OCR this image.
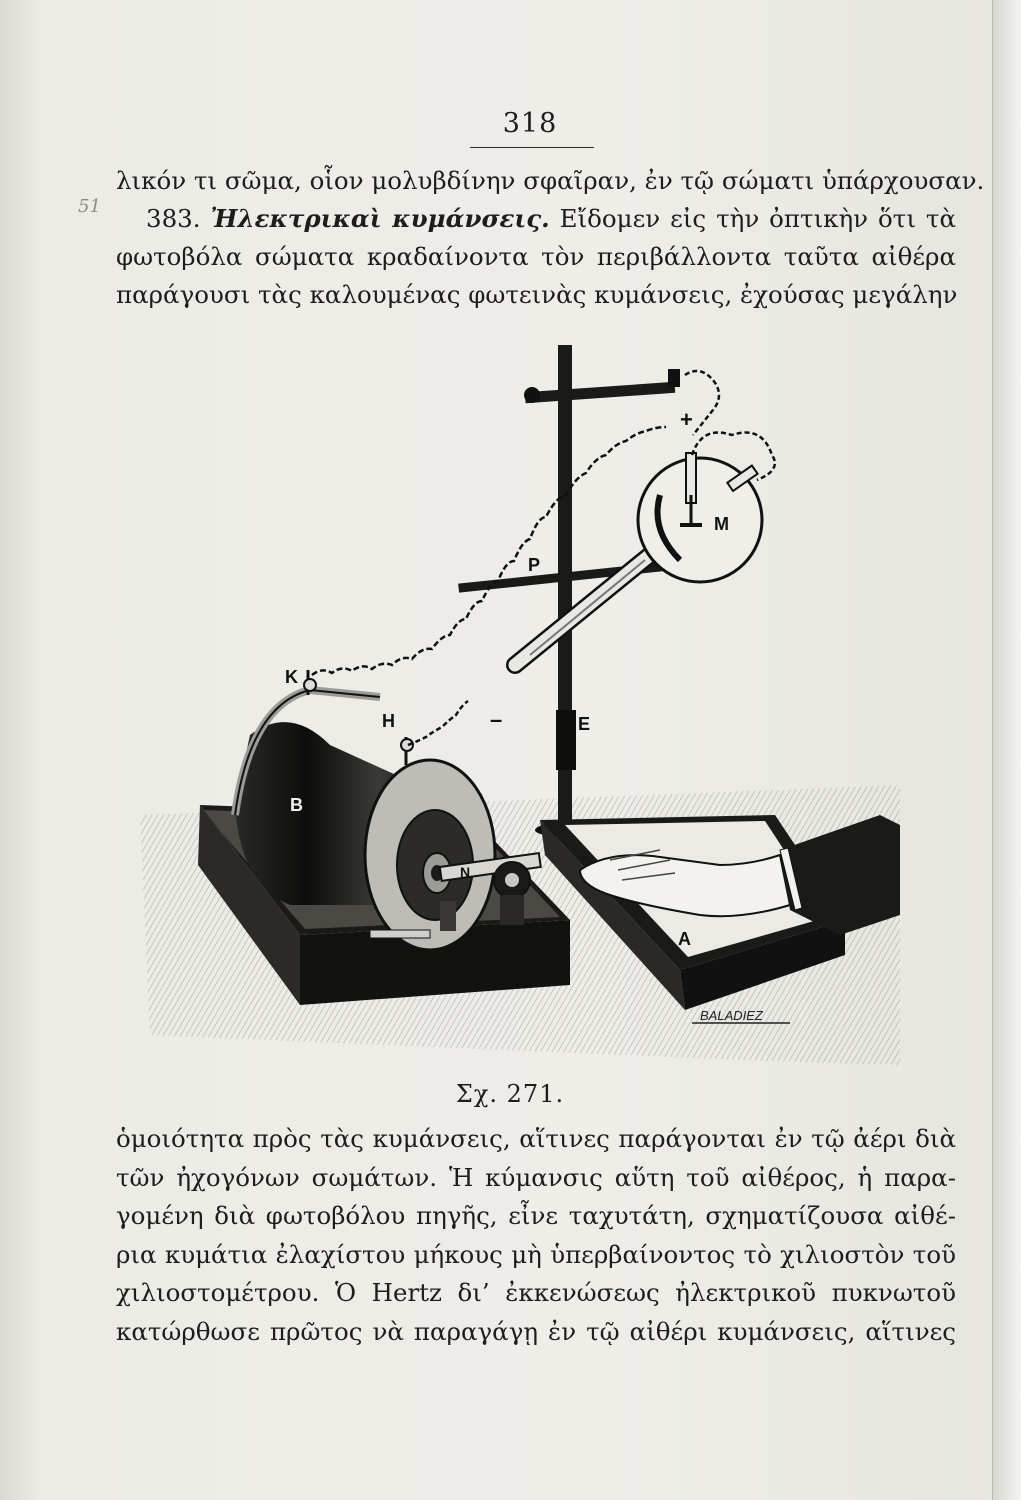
318
51
λικόν τι σῶμα, οἷον μολυβδίνην σφαῖραν, ἐν τῷ σώματι ὑπάρχουσαν.
383. Ἠλεκτρικαὶ κυμάνσεις. Εἴδομεν εἰς τὴν ὀπτικὴν ὅτι τὰ
φωτοβόλα σώματα κραδαίνοντα τὸν περιβάλλοντα ταῦτα αἰθέρα
παράγουσι τὰς καλουμένας φωτεινὰς κυμάνσεις, ἐχούσας μεγάλην
K
H
B
N
P
M
E
A
+
–
BALADIEZ
Σχ. 271.
ὁμοιότητα πρὸς τὰς κυμάνσεις, αἵτινες παράγονται ἐν τῷ ἀέρι διὰ
τῶν ἠχογόνων σωμάτων. Ἡ κύμανσις αὕτη τοῦ αἰθέρος, ἡ παρα-
γομένη διὰ φωτοβόλου πηγῆς, εἶνε ταχυτάτη, σχηματίζουσα αἰθέ-
ρια κυμάτια ἐλαχίστου μήκους μὴ ὑπερβαίνοντος τὸ χιλιοστὸν τοῦ
χιλιοστομέτρου. Ὁ Hertz δι’ ἐκκενώσεως ἠλεκτρικοῦ πυκνωτοῦ
κατώρθωσε πρῶτος νὰ παραγάγῃ ἐν τῷ αἰθέρι κυμάνσεις, αἵτινες
